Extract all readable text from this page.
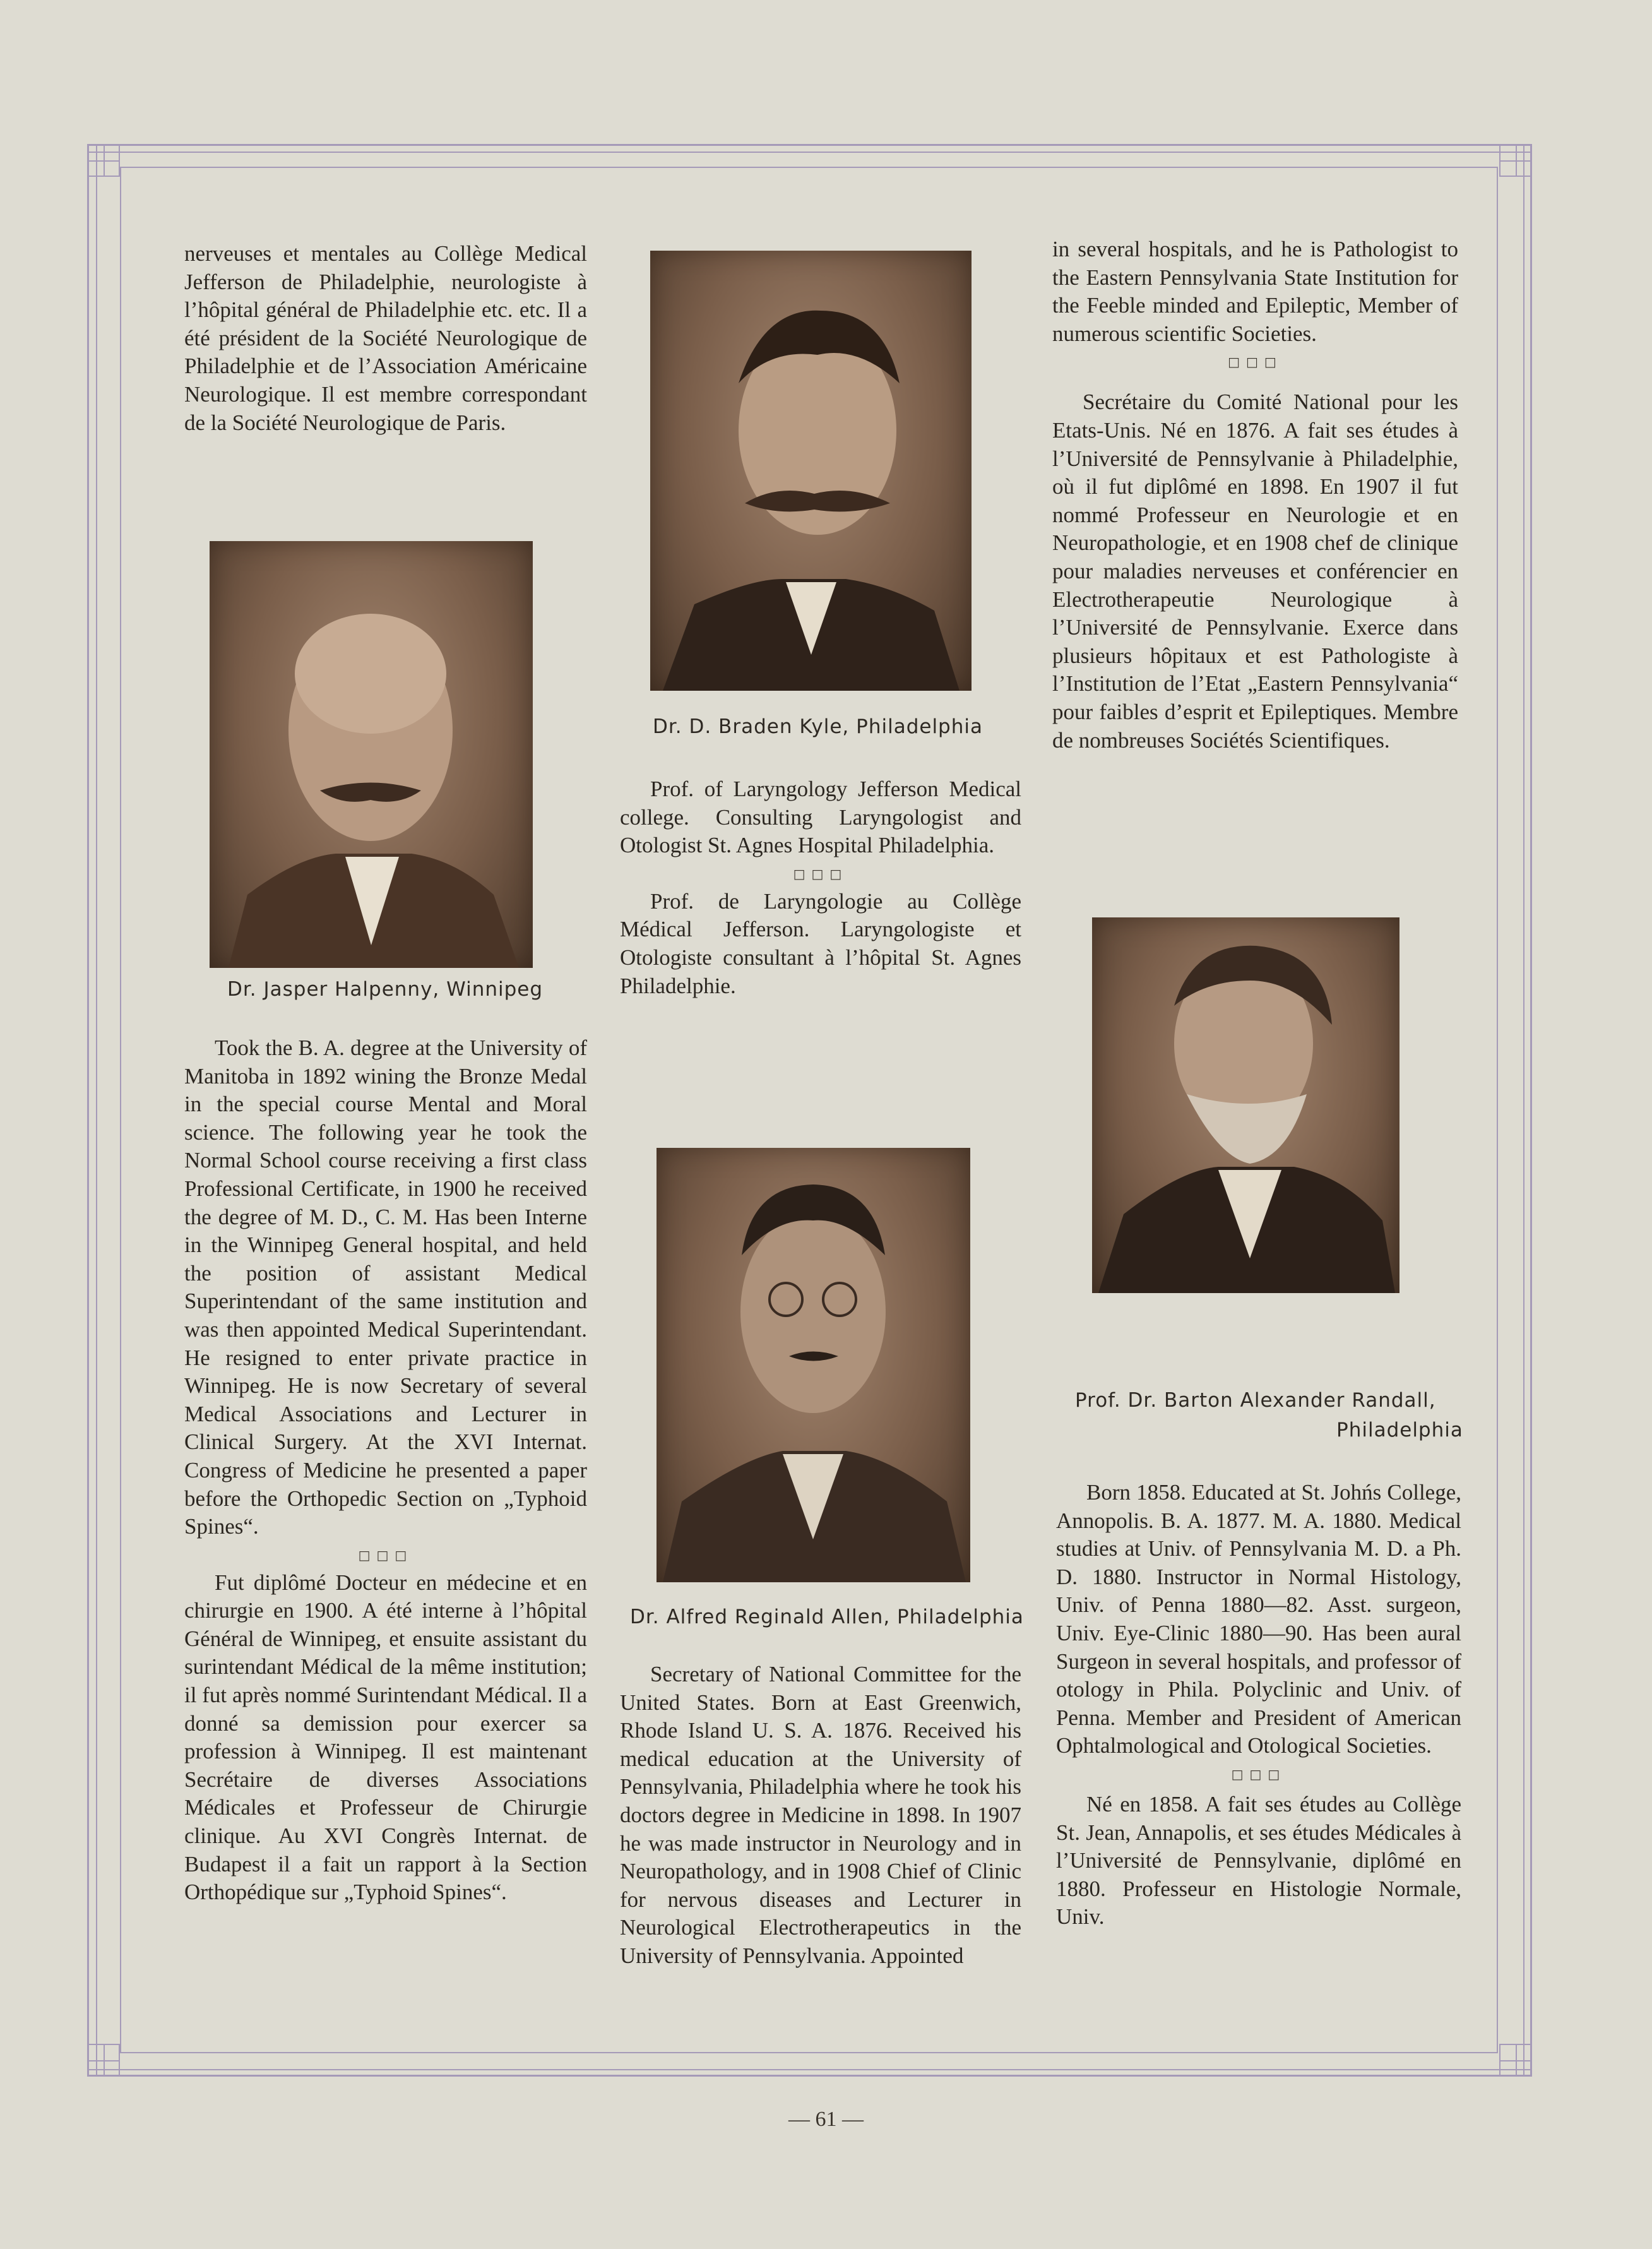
nerveuses et mentales au Collège Medical Jefferson de Philadelphie, neurologiste à l’hôpital général de Philadelphie etc. etc. Il a été président de la Société Neurologique de Philadelphie et de l’Association Américaine Neurologique. Il est membre correspondant de la Société Neurologique de Paris.

Dr. Jasper Halpenny, Winnipeg

Took the B. A. degree at the University of Manitoba in 1892 wining the Bronze Medal in the special course Mental and Moral science. The following year he took the Normal School course receiving a first class Professional Certificate, in 1900 he received the degree of M. D., C. M. Has been Interne in the Winnipeg General hospital, and held the position of assistant Medical Superintendant of the same institution and was then appointed Medical Superintendant. He resigned to enter private practice in Winnipeg. He is now Secretary of several Medical Associations and Lecturer in Clinical Surgery. At the XVI Internat. Congress of Medicine he presented a paper before the Orthopedic Section on „Typhoid Spines“.

□□□

Fut diplômé Docteur en médecine et en chirurgie en 1900. A été interne à l’hôpital Général de Winnipeg, et ensuite assistant du surintendant Médical de la même institution; il fut après nommé Surintendant Médical. Il a donné sa demission pour exercer sa profession à Winnipeg. Il est maintenant Secrétaire de diverses Associations Médicales et Professeur de Chirurgie clinique. Au XVI Congrès Internat. de Budapest il a fait un rapport à la Section Orthopédique sur „Typhoid Spines“.

Dr. D. Braden Kyle, Philadelphia

Prof. of Laryngology Jefferson Medical college. Consulting Laryngologist and Otologist St. Agnes Hospital Philadelphia.

□□□

Prof. de Laryngologie au Collège Médical Jefferson. Laryngologiste et Otologiste consultant à l’hôpital St. Agnes Philadelphie.

Dr. Alfred Reginald Allen, Philadelphia

Secretary of National Committee for the United States. Born at East Greenwich, Rhode Island U. S. A. 1876. Received his medical education at the University of Pennsylvania, Philadelphia where he took his doctors degree in Medicine in 1898. In 1907 he was made instructor in Neurology and in Neuropathology, and in 1908 Chief of Clinic for nervous diseases and Lecturer in Neurological Electrotherapeutics in the University of Pennsylvania. Appointed

in several hospitals, and he is Pathologist to the Eastern Pennsylvania State Institution for the Feeble minded and Epileptic, Member of numerous scientific Societies.

□□□

Secrétaire du Comité National pour les Etats-Unis. Né en 1876. A fait ses études à l’Université de Pennsylvanie à Philadelphie, où il fut diplômé en 1898. En 1907 il fut nommé Professeur en Neurologie et en Neuropathologie, et en 1908 chef de clinique pour maladies nerveuses et conférencier en Electrotherapeutie Neurologique à l’Université de Pennsylvanie. Exerce dans plusieurs hôpitaux et est Pathologiste à l’Institution de l’Etat „Eastern Pennsylvania“ pour faibles d’esprit et Epileptiques. Membre de nombreuses Sociétés Scientifiques.

Prof. Dr. Barton Alexander Randall,
Philadelphia

Born 1858. Educated at St. Johńs College, Annopolis. B. A. 1877. M. A. 1880. Medical studies at Univ. of Pennsylvania M. D. a Ph. D. 1880. Instructor in Normal Histology, Univ. of Penna 1880—82. Asst. surgeon, Univ. Eye-Clinic 1880—90. Has been aural Surgeon in several hospitals, and professor of otology in Phila. Polyclinic and Univ. of Penna. Member and President of American Ophtalmological and Otological Societies.

□□□

Né en 1858. A fait ses études au Collège St. Jean, Annapolis, et ses études Médicales à l’Université de Pennsylvanie, diplômé en 1880. Professeur en Histologie Normale, Univ.

— 61 —
